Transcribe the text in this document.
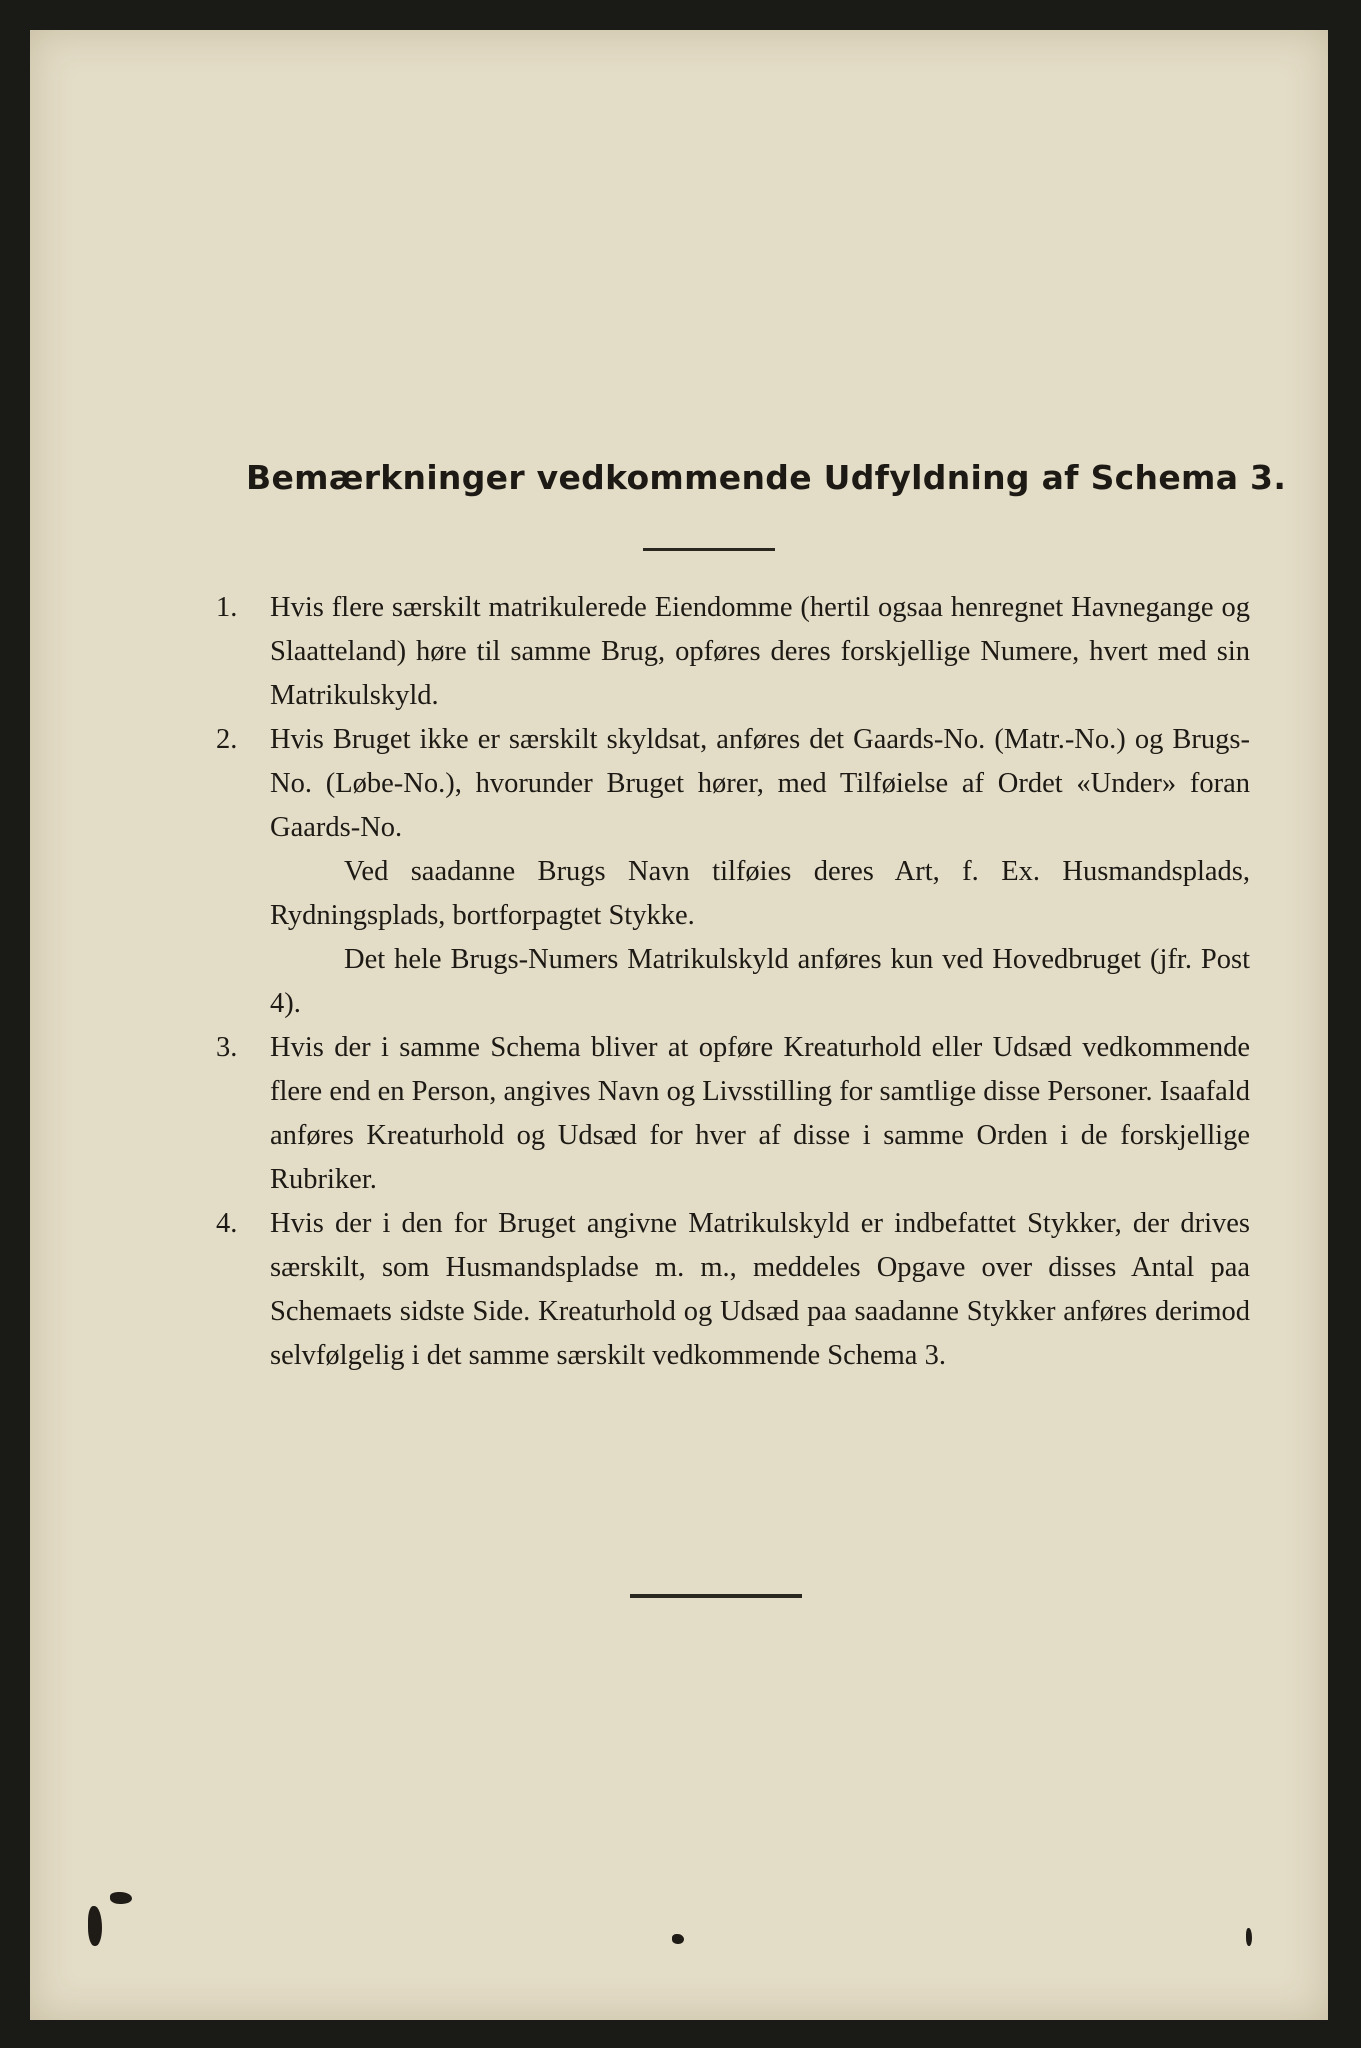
Bemærkninger vedkommende Udfyldning af Schema 3.
1. Hvis flere særskilt matrikulerede Eiendomme (hertil ogsaa henregnet Havnegange og Slaatteland) høre til samme Brug, opføres deres forskjellige Numere, hvert med sin Matrikulskyld.

2. Hvis Bruget ikke er særskilt skyldsat, anføres det Gaards-No. (Matr.-No.) og Brugs-No. (Løbe-No.), hvorunder Bruget hører, med Tilføielse af Ordet «Under» foran Gaards-No.

Ved saadanne Brugs Navn tilføies deres Art, f. Ex. Husmandsplads, Rydningsplads, bortforpagtet Stykke.

Det hele Brugs-Numers Matrikulskyld anføres kun ved Hovedbruget (jfr. Post 4).

3. Hvis der i samme Schema bliver at opføre Kreaturhold eller Udsæd vedkommende flere end en Person, angives Navn og Livsstilling for samtlige disse Personer. Isaafald anføres Kreaturhold og Udsæd for hver af disse i samme Orden i de forskjellige Rubriker.

4. Hvis der i den for Bruget angivne Matrikulskyld er indbefattet Stykker, der drives særskilt, som Husmandspladse m. m., meddeles Opgave over disses Antal paa Schemaets sidste Side. Kreaturhold og Udsæd paa saadanne Stykker anføres derimod selvfølgelig i det samme særskilt vedkommende Schema 3.
